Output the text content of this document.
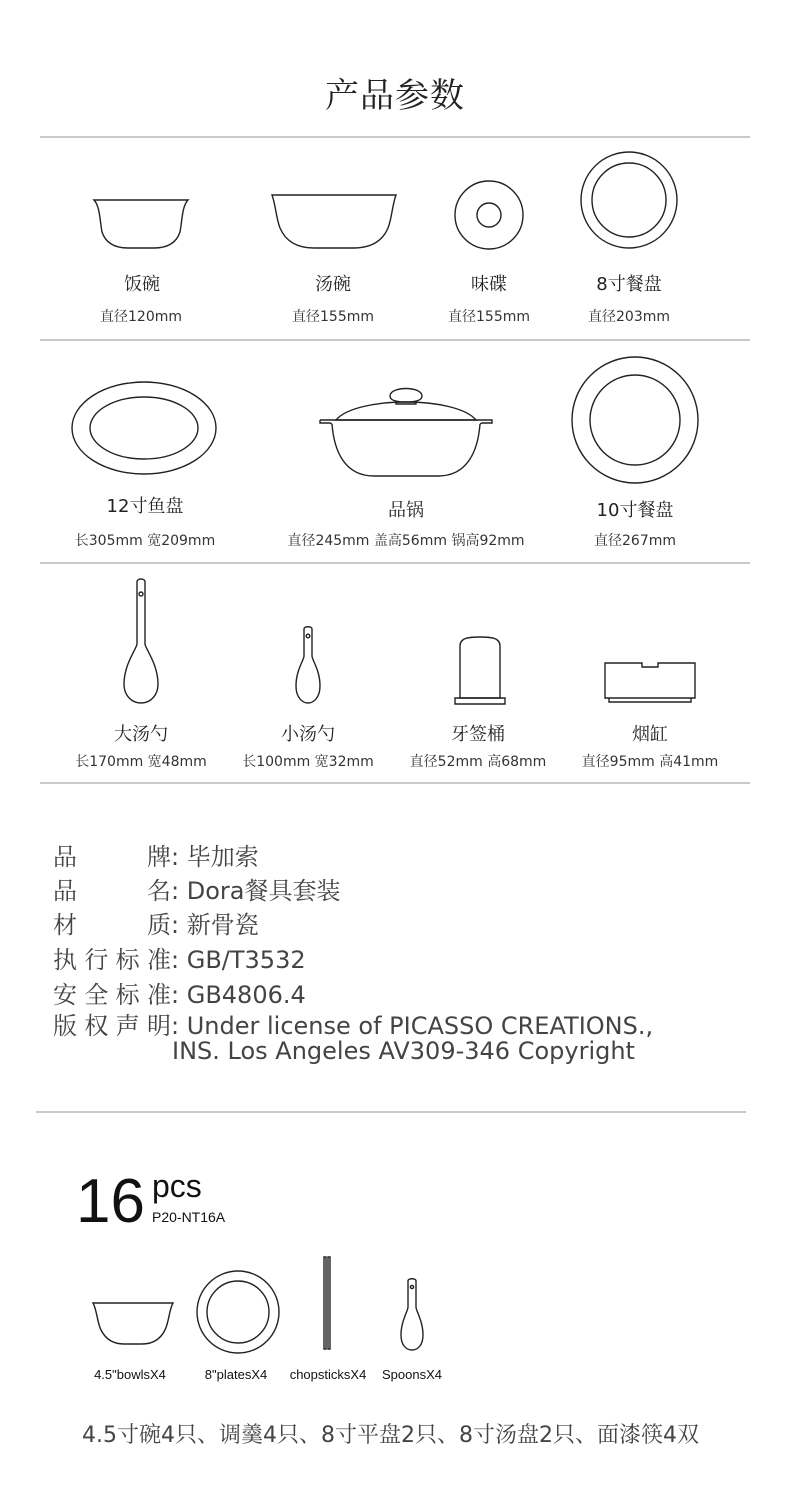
产品参数
饭碗
直径120mm
汤碗
直径155mm
味碟
直径155mm
8寸餐盘
直径203mm
12寸鱼盘
长305mm 宽209mm
品锅
直径245mm 盖高56mm 锅高92mm
10寸餐盘
直径267mm
大汤勺
长170mm 宽48mm
小汤勺
长100mm 宽32mm
牙签桶
直径52mm 高68mm
烟缸
直径95mm 高41mm
品牌: 毕加索
品名: Dora餐具套装
材质: 新骨瓷
执行标准: GB/T3532
安全标准: GB4806.4
版权声明: Under license of PICASSO CREATIONS.,
INS. Los Angeles AV309-346 Copyright
16 pcs
P20-NT16A
4.5"bowlsX4	8"platesX4	chopsticksX4	SpoonsX4
4.5寸碗4只、调羹4只、8寸平盘2只、8寸汤盘2只、面漆筷4双
